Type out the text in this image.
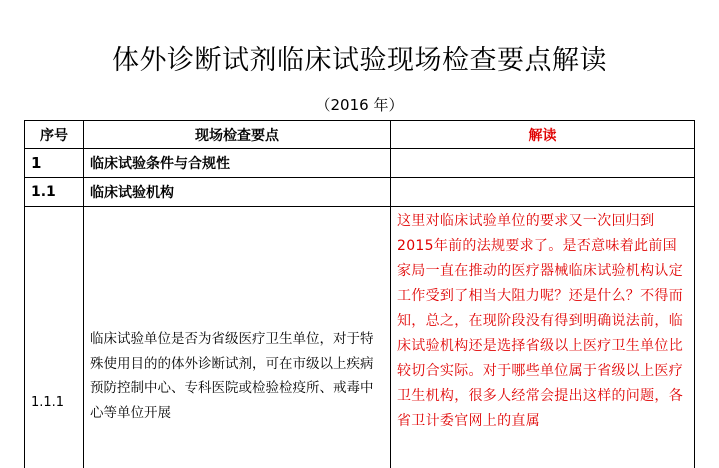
体外诊断试剂临床试验现场检查要点解读
（2016 年）
序号	现场检查要点	解读
1	临床试验条件与合规性	
1.1	临床试验机构	
1.1.1	临床试验单位是否为省级医疗卫生单位，对于特殊使用目的的体外诊断试剂，可在市级以上疾病预防控制中心、专科医院或检验检疫所、戒毒中心等单位开展	这里对临床试验单位的要求又一次回归到2015年前的法规要求了。是否意味着此前国家局一直在推动的医疗器械临床试验机构认定工作受到了相当大阻力呢？还是什么？不得而知，总之，在现阶段没有得到明确说法前，临床试验机构还是选择省级以上医疗卫生单位比较切合实际。对于哪些单位属于省级以上医疗卫生机构，很多人经常会提出这样的问题，各省卫计委官网上的直属
